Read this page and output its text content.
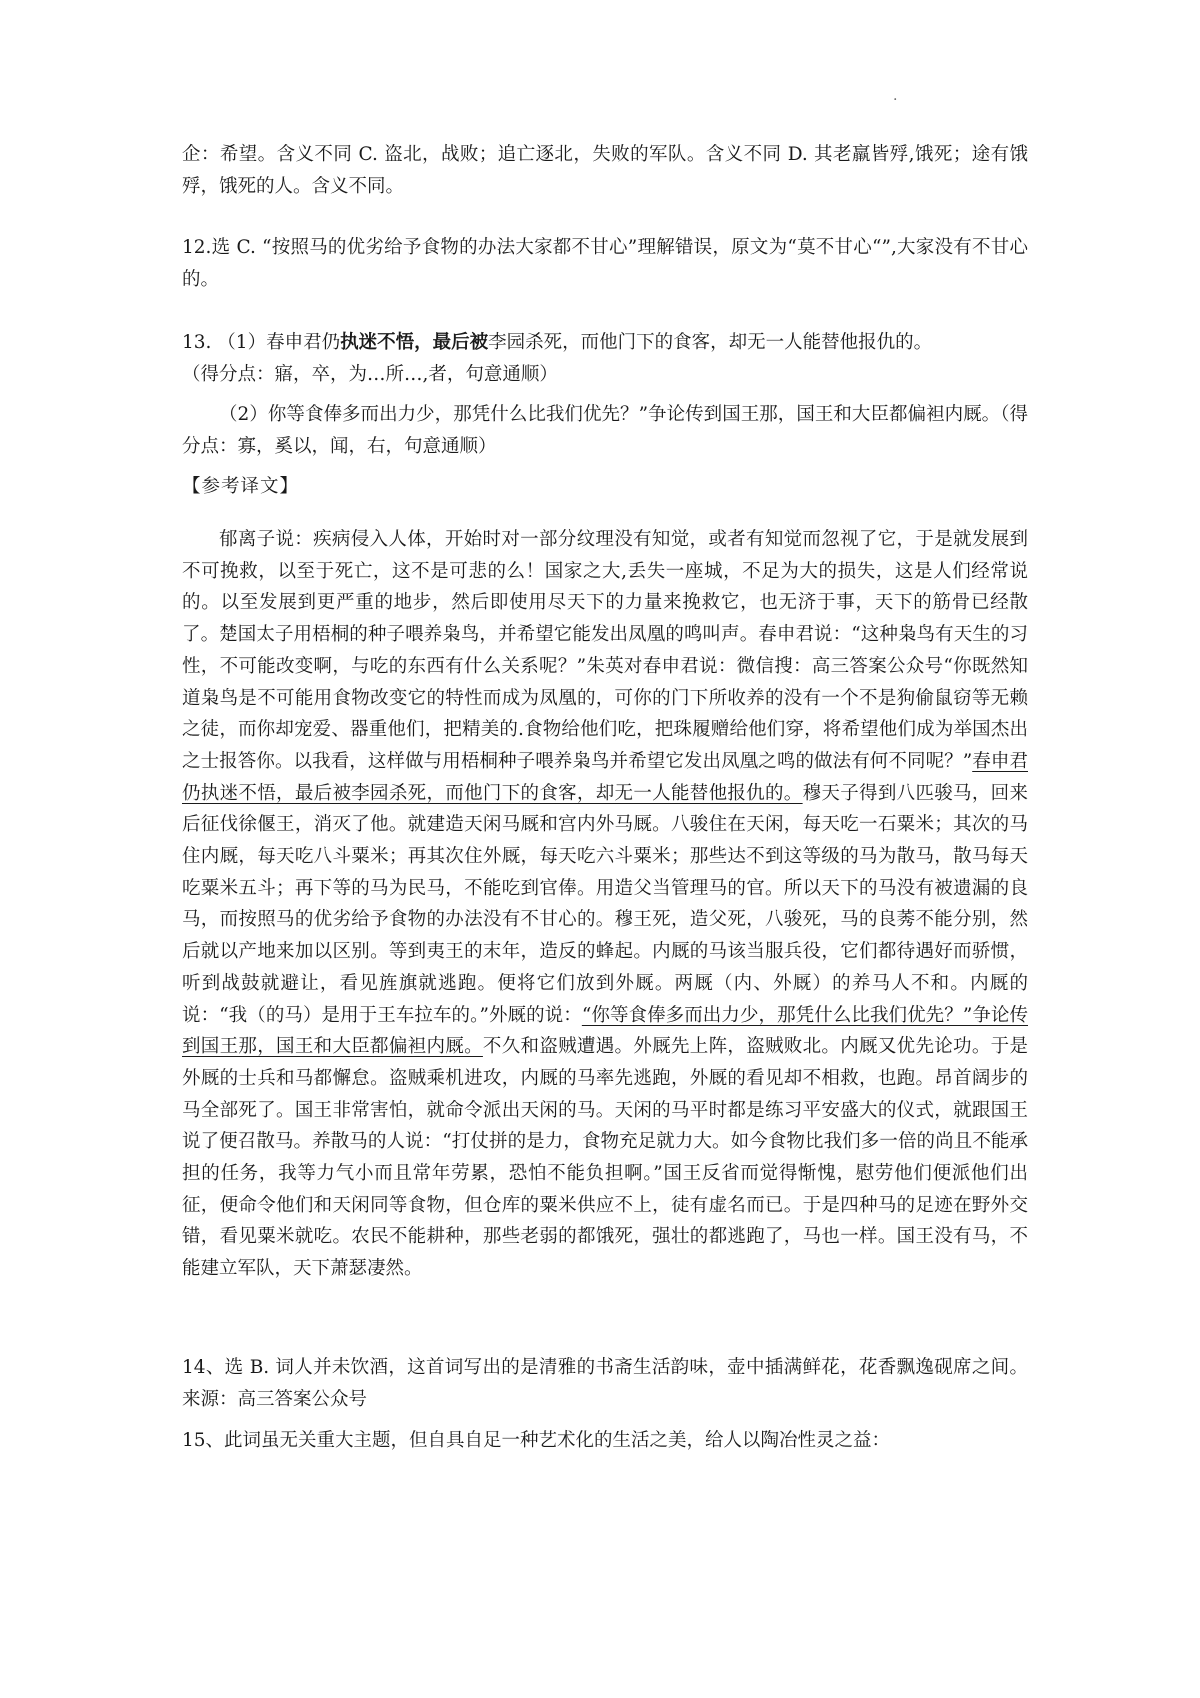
.

企：希望。含义不同 C. 盗北，战败；追亡逐北，失败的军队。含义不同 D. 其老羸皆殍,饿死；途有饿殍，饿死的人。含义不同。

12.选 C. “按照马的优劣给予食物的办法大家都不甘心”理解错误，原文为“莫不甘心“”,大家没有不甘心的。

13. （1）春申君仍执迷不悟，最后被李园杀死，而他门下的食客，却无一人能替他报仇的。

（得分点：寤，卒，为…所…,者，句意通顺）

（2）你等食俸多而出力少，那凭什么比我们优先？”争论传到国王那，国王和大臣都偏袒内厩。（得分点：寡，奚以，闻，右，句意通顺）

【参考译文】

郁离子说：疾病侵入人体，开始时对一部分纹理没有知觉，或者有知觉而忽视了它，于是就发展到不可挽救，以至于死亡，这不是可悲的么！国家之大,丢失一座城，不足为大的损失，这是人们经常说的。以至发展到更严重的地步，然后即使用尽天下的力量来挽救它，也无济于事，天下的筋骨已经散了。楚国太子用梧桐的种子喂养枭鸟，并希望它能发出凤凰的鸣叫声。春申君说：“这种枭鸟有天生的习性，不可能改变啊，与吃的东西有什么关系呢？”朱英对春申君说：微信搜：高三答案公众号“你既然知道枭鸟是不可能用食物改变它的特性而成为凤凰的，可你的门下所收养的没有一个不是狗偷鼠窃等无赖之徒，而你却宠爱、器重他们，把精美的.食物给他们吃，把珠履赠给他们穿，将希望他们成为举国杰出之士报答你。以我看，这样做与用梧桐种子喂养枭鸟并希望它发出凤凰之鸣的做法有何不同呢？”春申君仍执迷不悟，最后被李园杀死，而他门下的食客，却无一人能替他报仇的。穆天子得到八匹骏马，回来后征伐徐偃王，消灭了他。就建造天闲马厩和宫内外马厩。八骏住在天闲，每天吃一石粟米；其次的马住内厩，每天吃八斗粟米；再其次住外厩，每天吃六斗粟米；那些达不到这等级的马为散马，散马每天吃粟米五斗；再下等的马为民马，不能吃到官俸。用造父当管理马的官。所以天下的马没有被遗漏的良马，而按照马的优劣给予食物的办法没有不甘心的。穆王死，造父死，八骏死，马的良莠不能分别，然后就以产地来加以区别。等到夷王的末年，造反的蜂起。内厩的马该当服兵役，它们都待遇好而骄惯，听到战鼓就避让，看见旌旗就逃跑。便将它们放到外厩。两厩（内、外厩）的养马人不和。内厩的说：“我（的马）是用于王车拉车的。”外厩的说：“你等食俸多而出力少，那凭什么比我们优先？”争论传到国王那，国王和大臣都偏袒内厩。不久和盗贼遭遇。外厩先上阵，盗贼败北。内厩又优先论功。于是外厩的士兵和马都懈怠。盗贼乘机进攻，内厩的马率先逃跑，外厩的看见却不相救，也跑。昂首阔步的马全部死了。国王非常害怕，就命令派出天闲的马。天闲的马平时都是练习平安盛大的仪式，就跟国王说了便召散马。养散马的人说：“打仗拼的是力，食物充足就力大。如今食物比我们多一倍的尚且不能承担的任务，我等力气小而且常年劳累，恐怕不能负担啊。”国王反省而觉得惭愧，慰劳他们便派他们出征，便命令他们和天闲同等食物，但仓库的粟米供应不上，徒有虚名而已。于是四种马的足迹在野外交错，看见粟米就吃。农民不能耕种，那些老弱的都饿死，强壮的都逃跑了，马也一样。国王没有马，不能建立军队，天下萧瑟凄然。

14、选 B. 词人并未饮酒，这首词写出的是清雅的书斋生活韵味，壶中插满鲜花，花香飘逸砚席之间。来源：高三答案公众号

15、此词虽无关重大主题，但自具自足一种艺术化的生活之美，给人以陶冶性灵之益：
